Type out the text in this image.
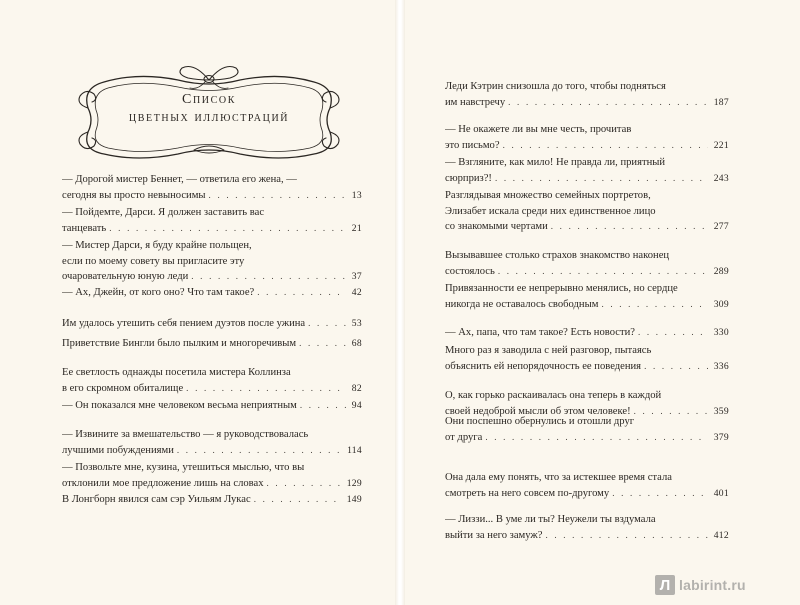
Список
цветных иллюстраций
— Дорогой мистер Беннет, — ответила его жена, —
сегодня вы просто невыносимы . . .	13
— Пойдемте, Дарси. Я должен заставить вас
танцевать . . .	21
— Мистер Дарси, я буду крайне польщен,
если по моему совету вы пригласите эту
очаровательную юную леди . . .	37
— Ах, Джейн, от кого оно? Что там такое? . . .	42
Им удалось утешить себя пением дуэтов после ужина . . .	53
Приветствие Бингли было пылким и многоречивым . . .	68
Ее светлость однажды посетила мистера Коллинза
в его скромном обиталище . . .	82
— Он показался мне человеком весьма неприятным . . .	94
— Извините за вмешательство — я руководствовалась
лучшими побуждениями . . .	114
— Позвольте мне, кузина, утешиться мыслью, что вы
отклонили мое предложение лишь на словах . . .	129
В Лонгборн явился сам сэр Уильям Лукас . . .	149
Леди Кэтрин снизошла до того, чтобы подняться
им навстречу . . .	187
— Не окажете ли вы мне честь, прочитав
это письмо? . . .	221
— Взгляните, как мило! Не правда ли, приятный
сюрприз?! . . .	243
Разглядывая множество семейных портретов,
Элизабет искала среди них единственное лицо
со знакомыми чертами . . .	277
Вызывавшее столько страхов знакомство наконец
состоялось . . .	289
Привязанности ее непрерывно менялись, но сердце
никогда не оставалось свободным . . .	309
— Ах, папа, что там такое? Есть новости? . . .	330
Много раз я заводила с ней разговор, пытаясь
объяснить ей непорядочность ее поведения . . .	336
О, как горько раскаивалась она теперь в каждой
своей недоброй мысли об этом человеке! . . .	359
Они поспешно обернулись и отошли друг
от друга . . .	379
Она дала ему понять, что за истекшее время стала
смотреть на него совсем по-другому . . .	401
— Лиззи... В уме ли ты? Неужели ты вздумала
выйти за него замуж? . . .	412
Л labirint.ru
